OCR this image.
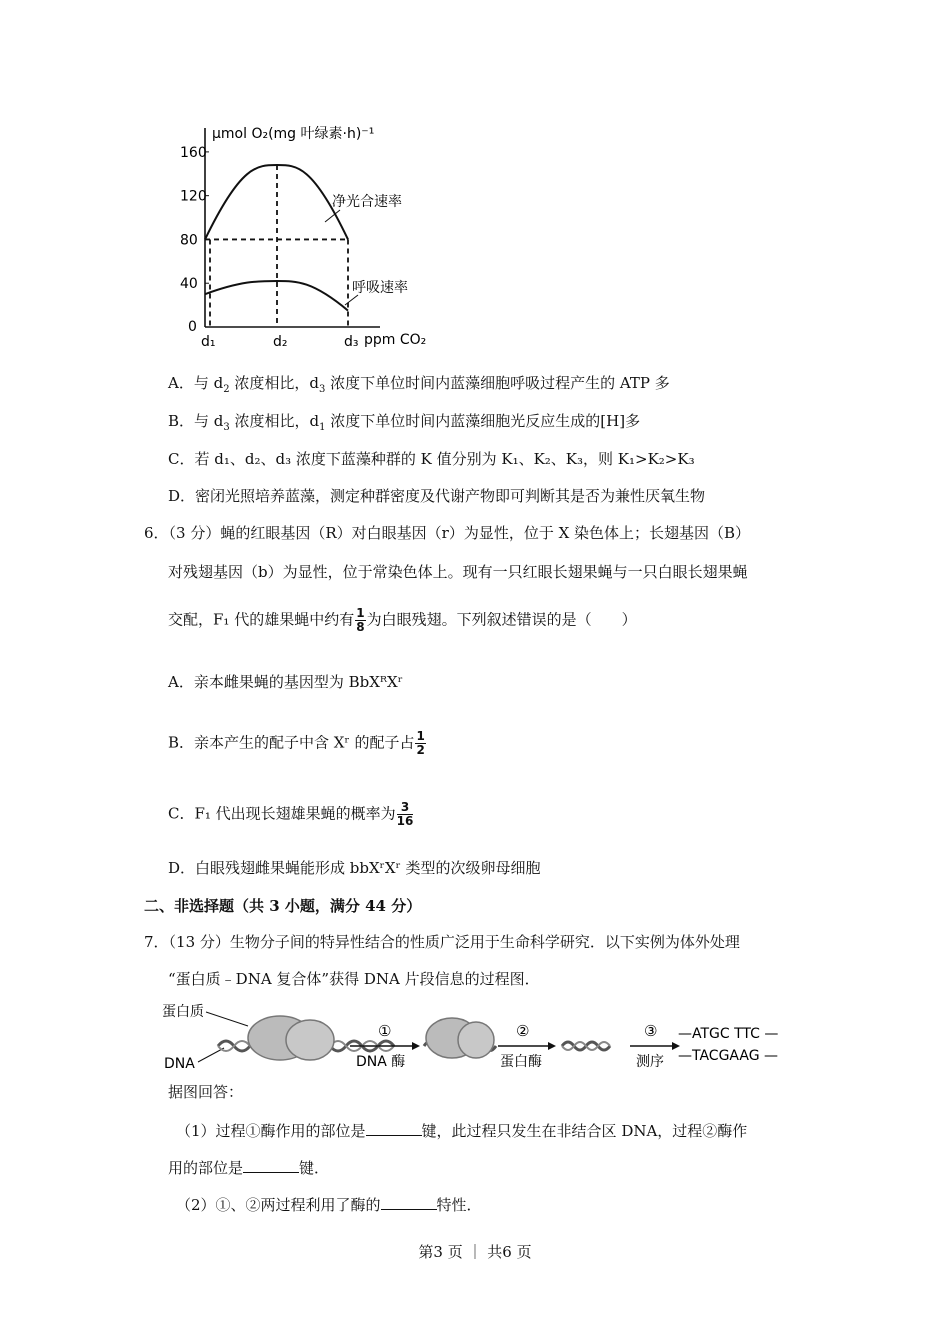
μmol O₂(mg 叶绿素·h)⁻¹
160
120
80
40
0
d₁	d₂	d₃ ppm CO₂
净光合速率
呼吸速率
A．与 $d_2$ 浓度相比，$d_3$ 浓度下单位时间内蓝藻细胞呼吸过程产生的 ATP 多
B．与 $d_3$ 浓度相比，$d_1$ 浓度下单位时间内蓝藻细胞光反应生成的[H]多
C．若 d₁、d₂、d₃ 浓度下蓝藻种群的 K 值分别为 K₁、K₂、K₃，则 K₁>K₂>K₃
D．密闭光照培养蓝藻，测定种群密度及代谢产物即可判断其是否为兼性厌氧生物
6．（3 分）蝇的红眼基因（R）对白眼基因（r）为显性，位于 X 染色体上；长翅基因（B）
对残翅基因（b）为显性，位于常染色体上。现有一只红眼长翅果蝇与一只白眼长翅果蝇
交配，F₁ 代的雄果蝇中约有 $\frac{1}{8}$ 为白眼残翅。下列叙述错误的是（　　）
A．亲本雌果蝇的基因型为 BbXᴿXʳ
B．亲本产生的配子中含 Xʳ 的配子占 $\frac{1}{2}$
C．F₁ 代出现长翅雄果蝇的概率为 $\frac{3}{16}$
D．白眼残翅雌果蝇能形成 bbXʳXʳ 类型的次级卵母细胞
二、非选择题（共 3 小题，满分 44 分）
7．（13 分）生物分子间的特异性结合的性质广泛用于生命科学研究．以下实例为体外处理
“蛋白质﹣DNA 复合体”获得 DNA 片段信息的过程图．
蛋白质
DNA
①
DNA 酶
②
蛋白酶
③
测序
—ATGC TTC —
—TACGAAG —
据图回答：
（1）过程①酶作用的部位是	键，此过程只发生在非结合区 DNA，过程②酶作
用的部位是	键．
（2）①、②两过程利用了酶的	特性．
第3 页 ｜ 共6 页
